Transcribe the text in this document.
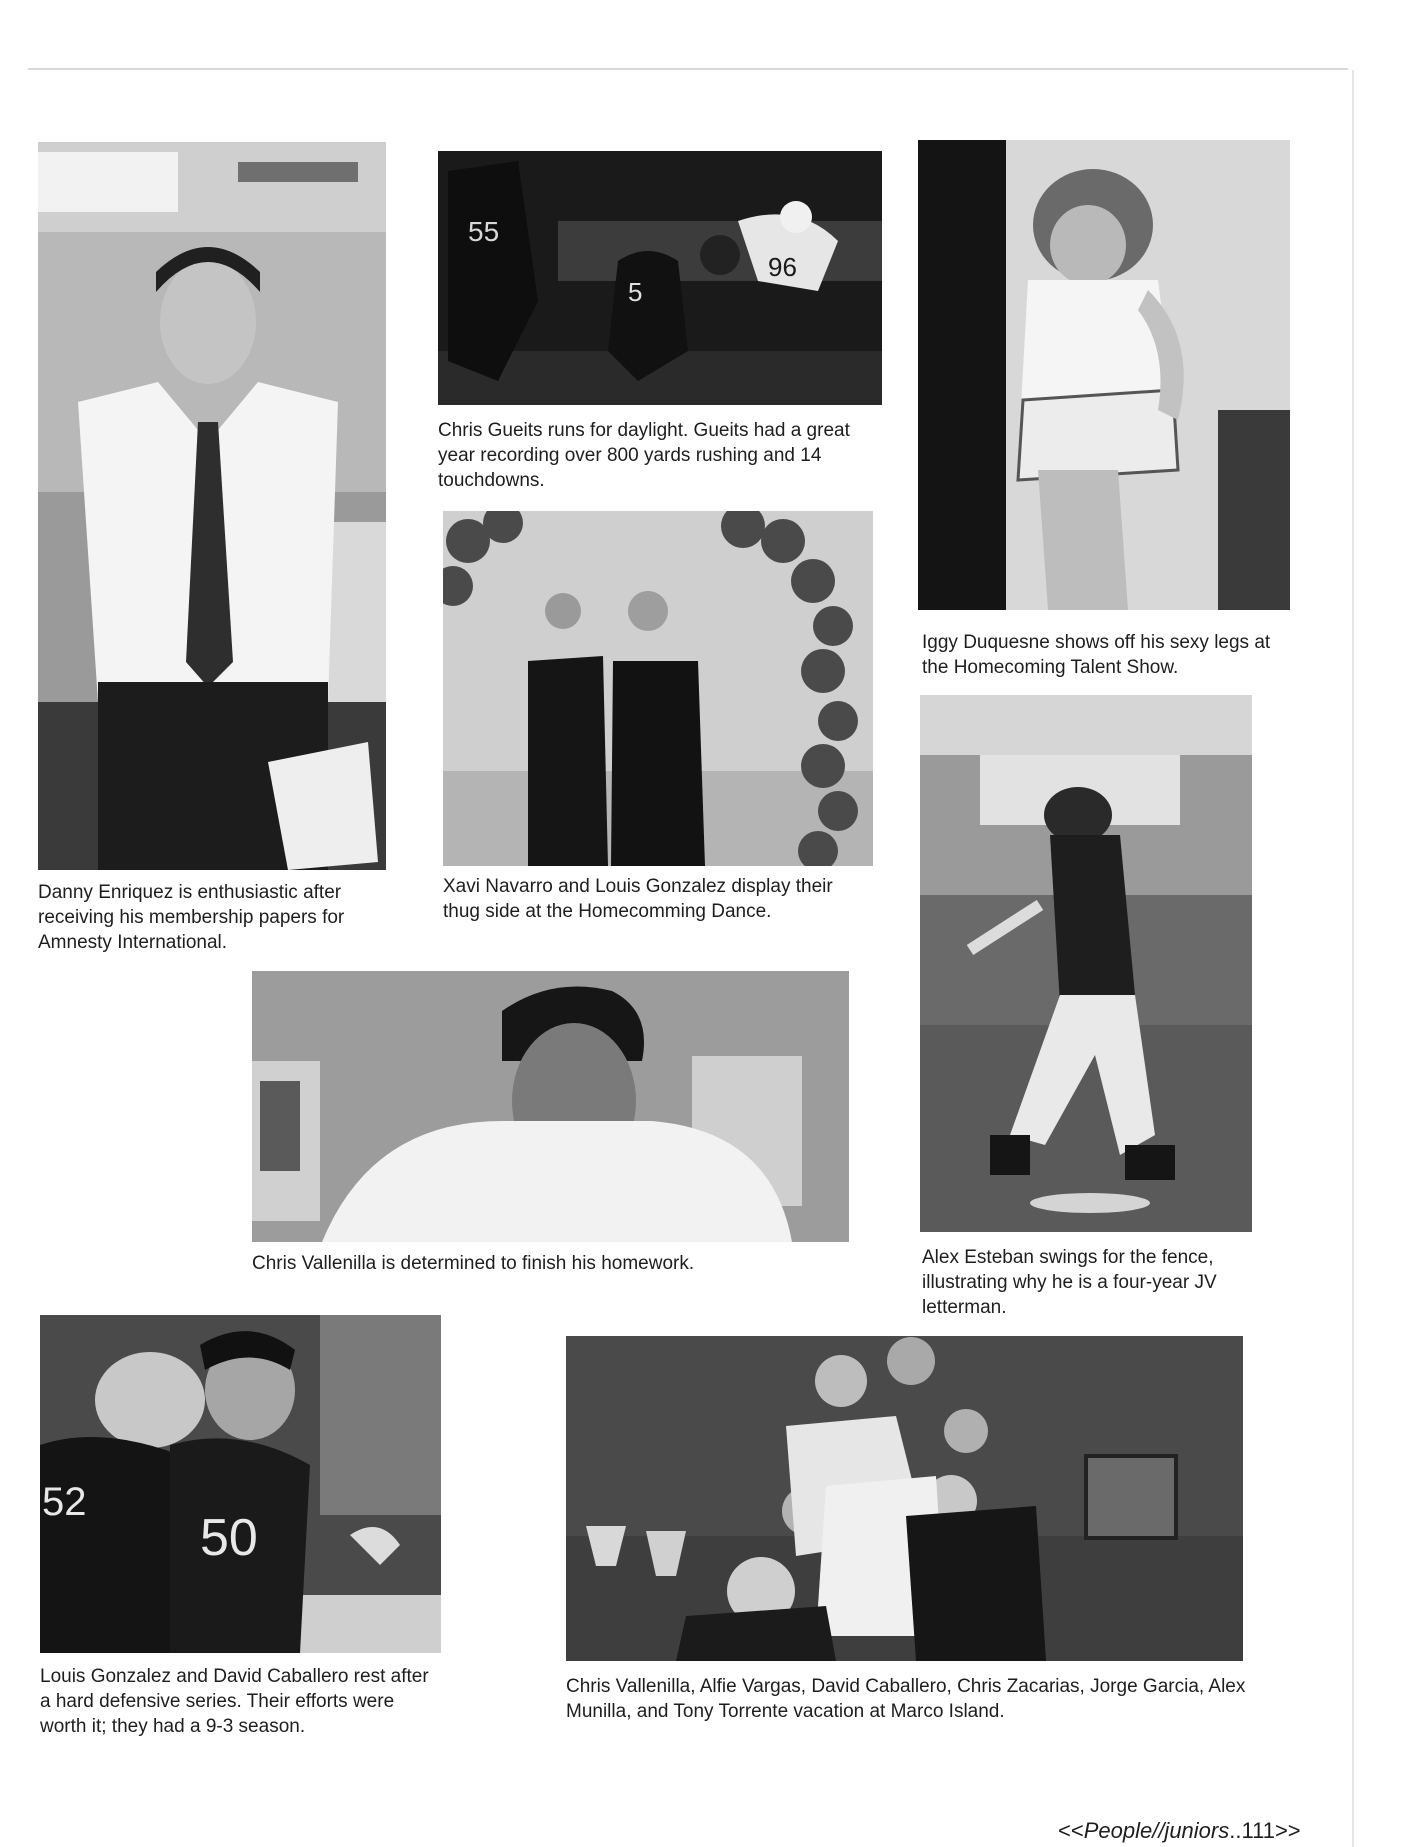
Danny Enriquez is enthusiastic after receiving his membership papers for Amnesty International.

55
5
96

Chris Gueits runs for daylight. Gueits had a great year recording over 800 yards rushing and 14 touchdowns.

Iggy Duquesne shows off his sexy legs at the Homecoming Talent Show.

Xavi Navarro and Louis Gonzalez display their thug side at the Homecomming Dance.

Alex Esteban swings for the fence, illustrating why he is a four-year JV letterman.

Chris Vallenilla is determined to finish his homework.

52
50

Louis Gonzalez and David Caballero rest after a hard defensive series. Their efforts were worth it; they had a 9-3 season.

Chris Vallenilla, Alfie Vargas, David Caballero, Chris Zacarias, Jorge Garcia, Alex Munilla, and Tony Torrente vacation at Marco Island.

<<People//juniors..111>>
